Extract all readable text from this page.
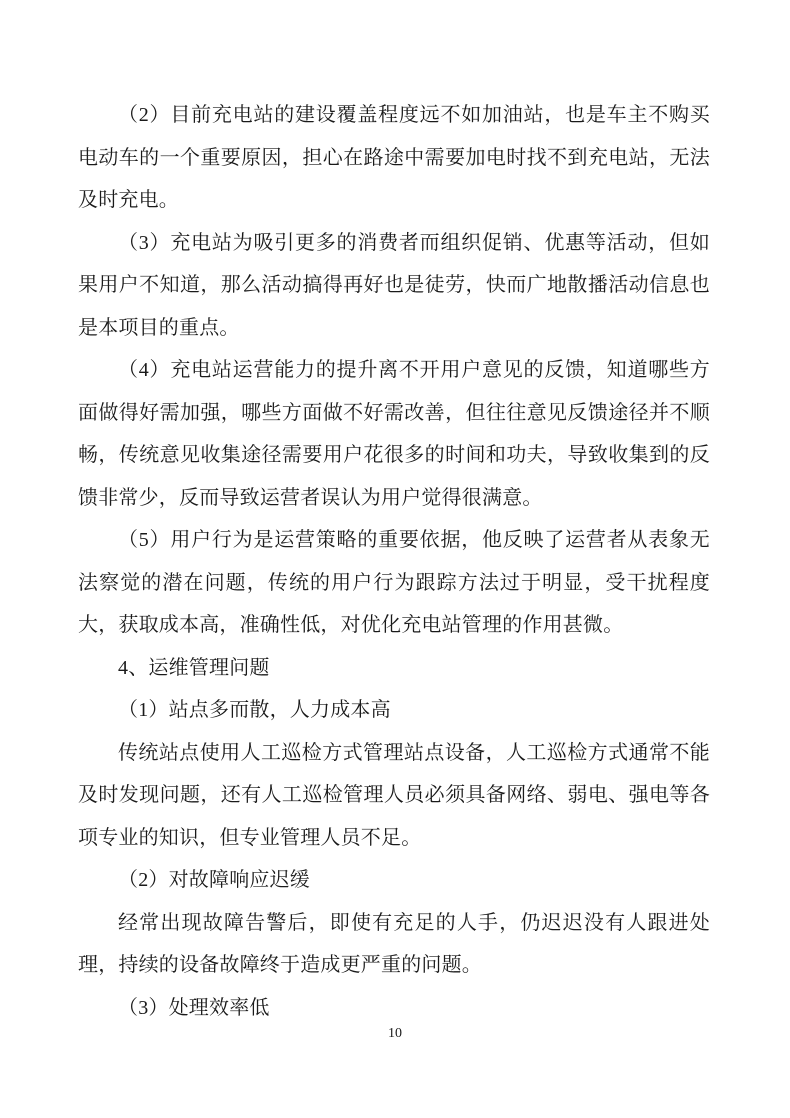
（2）目前充电站的建设覆盖程度远不如加油站，也是车主不购买电动车的一个重要原因，担心在路途中需要加电时找不到充电站，无法及时充电。

（3）充电站为吸引更多的消费者而组织促销、优惠等活动，但如果用户不知道，那么活动搞得再好也是徒劳，快而广地散播活动信息也是本项目的重点。

（4）充电站运营能力的提升离不开用户意见的反馈，知道哪些方面做得好需加强，哪些方面做不好需改善，但往往意见反馈途径并不顺畅，传统意见收集途径需要用户花很多的时间和功夫，导致收集到的反馈非常少，反而导致运营者误认为用户觉得很满意。

（5）用户行为是运营策略的重要依据，他反映了运营者从表象无法察觉的潜在问题，传统的用户行为跟踪方法过于明显，受干扰程度大，获取成本高，准确性低，对优化充电站管理的作用甚微。

4、运维管理问题

（1）站点多而散，人力成本高

传统站点使用人工巡检方式管理站点设备，人工巡检方式通常不能及时发现问题，还有人工巡检管理人员必须具备网络、弱电、强电等各项专业的知识，但专业管理人员不足。

（2）对故障响应迟缓

经常出现故障告警后，即使有充足的人手，仍迟迟没有人跟进处理，持续的设备故障终于造成更严重的问题。

（3）处理效率低

10
